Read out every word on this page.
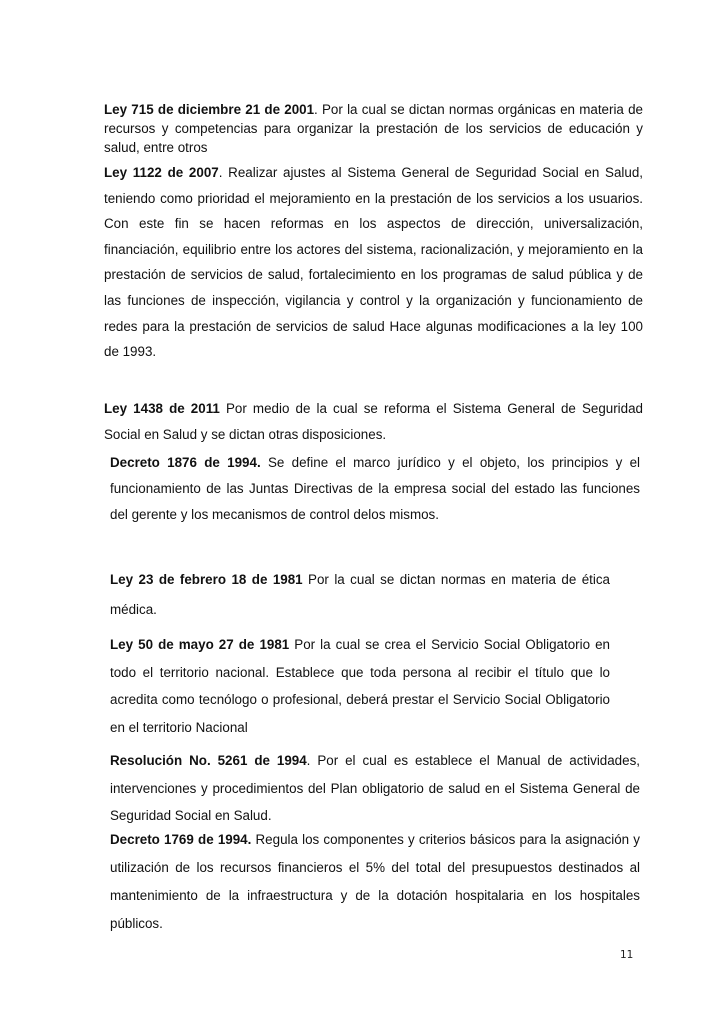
Ley 715 de diciembre 21 de 2001. Por la cual se dictan normas orgánicas en materia de recursos y competencias para organizar la prestación de los servicios de educación y salud, entre otros

Ley 1122 de 2007. Realizar ajustes al Sistema General de Seguridad Social en Salud, teniendo como prioridad el mejoramiento en la prestación de los servicios a los usuarios. Con este fin se hacen reformas en los aspectos de dirección, universalización, financiación, equilibrio entre los actores del sistema, racionalización, y mejoramiento en la prestación de servicios de salud, fortalecimiento en los programas de salud pública y de las funciones de inspección, vigilancia y control y la organización y funcionamiento de redes para la prestación de servicios de salud Hace algunas modificaciones a la ley 100 de 1993.

Ley 1438 de 2011 Por medio de la cual se reforma el Sistema General de Seguridad Social en Salud y se dictan otras disposiciones.

Decreto 1876 de 1994. Se define el marco jurídico y el objeto, los principios y el funcionamiento de las Juntas Directivas de la empresa social del estado las funciones del gerente y los mecanismos de control delos mismos.

Ley 23 de febrero 18 de 1981 Por la cual se dictan normas en materia de ética médica.

Ley 50 de mayo 27 de 1981 Por la cual se crea el Servicio Social Obligatorio en todo el territorio nacional. Establece que toda persona al recibir el título que lo acredita como tecnólogo o profesional, deberá prestar el Servicio Social Obligatorio en el territorio Nacional

Resolución No. 5261 de 1994. Por el cual es establece el Manual de actividades, intervenciones y procedimientos del Plan obligatorio de salud en el Sistema General de Seguridad Social en Salud.

Decreto 1769 de 1994. Regula los componentes y criterios básicos para la asignación y utilización de los recursos financieros el 5% del total del presupuestos destinados al mantenimiento de la infraestructura y de la dotación hospitalaria en los hospitales públicos.

11
